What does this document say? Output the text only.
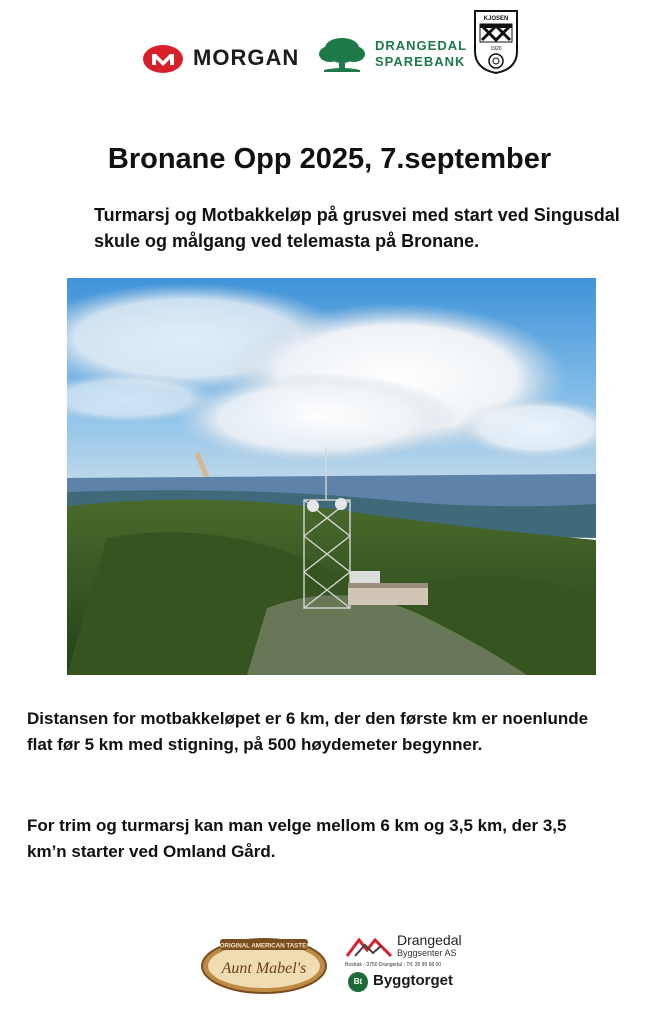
MORGAN	DRANGEDAL
SPAREBANK
KJOSEN
1920
Bronane Opp 2025, 7.september
Turmarsj og Motbakkeløp på grusvei med start ved Singusdal skule og målgang ved telemasta på Bronane.
Distansen for motbakkeløpet er 6 km, der den første km er noenlunde flat før 5 km med stigning, på 500 høydemeter begynner.
For trim og turmarsj kan man velge mellom 6 km og 3,5 km, der 3,5 km’n starter ved Omland Gård.
ORIGINAL AMERICAN TASTE!
Aunt Mabel's
Drangedal
Byggsenter AS
Bostrak - 3750 Drangedal - Tlf. 35 99 68 00
Bt Byggtorget
